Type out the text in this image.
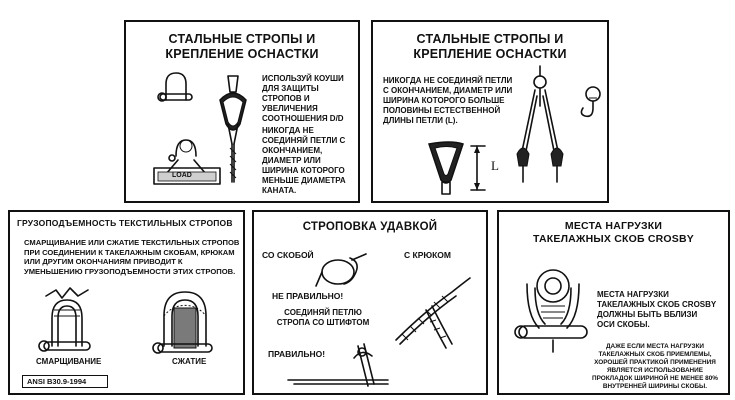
СТАЛЬНЫЕ СТРОПЫ И
КРЕПЛЕНИЕ ОСНАСТКИ
LOAD
ИСПОЛЬЗУЙ КОУШИ ДЛЯ ЗАЩИТЫ СТРОПОВ И УВЕЛИЧЕНИЯ СООТНОШЕНИЯ D/D
НИКОГДА НЕ СОЕДИНЯЙ ПЕТЛИ С ОКОНЧАНИЕМ, ДИАМЕТР ИЛИ ШИРИНА КОТОРОГО МЕНЬШЕ ДИАМЕТРА КАНАТА.
СТАЛЬНЫЕ СТРОПЫ И
КРЕПЛЕНИЕ ОСНАСТКИ
НИКОГДА НЕ СОЕДИНЯЙ ПЕТЛИ С ОКОНЧАНИЕМ, ДИАМЕТР ИЛИ ШИРИНА КОТОРОГО БОЛЬШЕ ПОЛОВИНЫ ЕСТЕСТВЕННОЙ ДЛИНЫ ПЕТЛИ (L).
L
ГРУЗОПОДЪЕМНОСТЬ ТЕКСТИЛЬНЫХ СТРОПОВ
СМАРЩИВАНИЕ ИЛИ СЖАТИЕ ТЕКСТИЛЬНЫХ СТРОПОВ ПРИ СОЕДИНЕНИИ К ТАКЕЛАЖНЫМ СКОБАМ, КРЮКАМ ИЛИ ДРУГИМ ОКОНЧАНИЯМ ПРИВОДИТ К УМЕНЬШЕНИЮ ГРУЗОПОДЪЕМНОСТИ ЭТИХ СТРОПОВ.
СМАРЩИВАНИЕ	СЖАТИЕ
ANSI B30.9-1994
СТРОПОВКА УДАВКОЙ
СО СКОБОЙ	С КРЮКОМ
НЕ ПРАВИЛЬНО!
СОЕДИНЯЙ ПЕТЛЮ СТРОПА СО ШТИФТОМ
ПРАВИЛЬНО!
МЕСТА НАГРУЗКИ
ТАКЕЛАЖНЫХ СКОБ CROSBY
МЕСТА НАГРУЗКИ ТАКЕЛАЖНЫХ СКОБ CROSBY ДОЛЖНЫ БЫТЬ ВБЛИЗИ ОСИ СКОБЫ.
ДАЖЕ ЕСЛИ МЕСТА НАГРУЗКИ ТАКЕЛАЖНЫХ СКОБ ПРИЕМЛЕМЫ, ХОРОШЕЙ ПРАКТИКОЙ ПРИМЕНЕНИЯ ЯВЛЯЕТСЯ ИСПОЛЬЗОВАНИЕ ПРОКЛАДОК ШИРИНОЙ НЕ МЕНЕЕ 80% ВНУТРЕННЕЙ ШИРИНЫ СКОБЫ.
